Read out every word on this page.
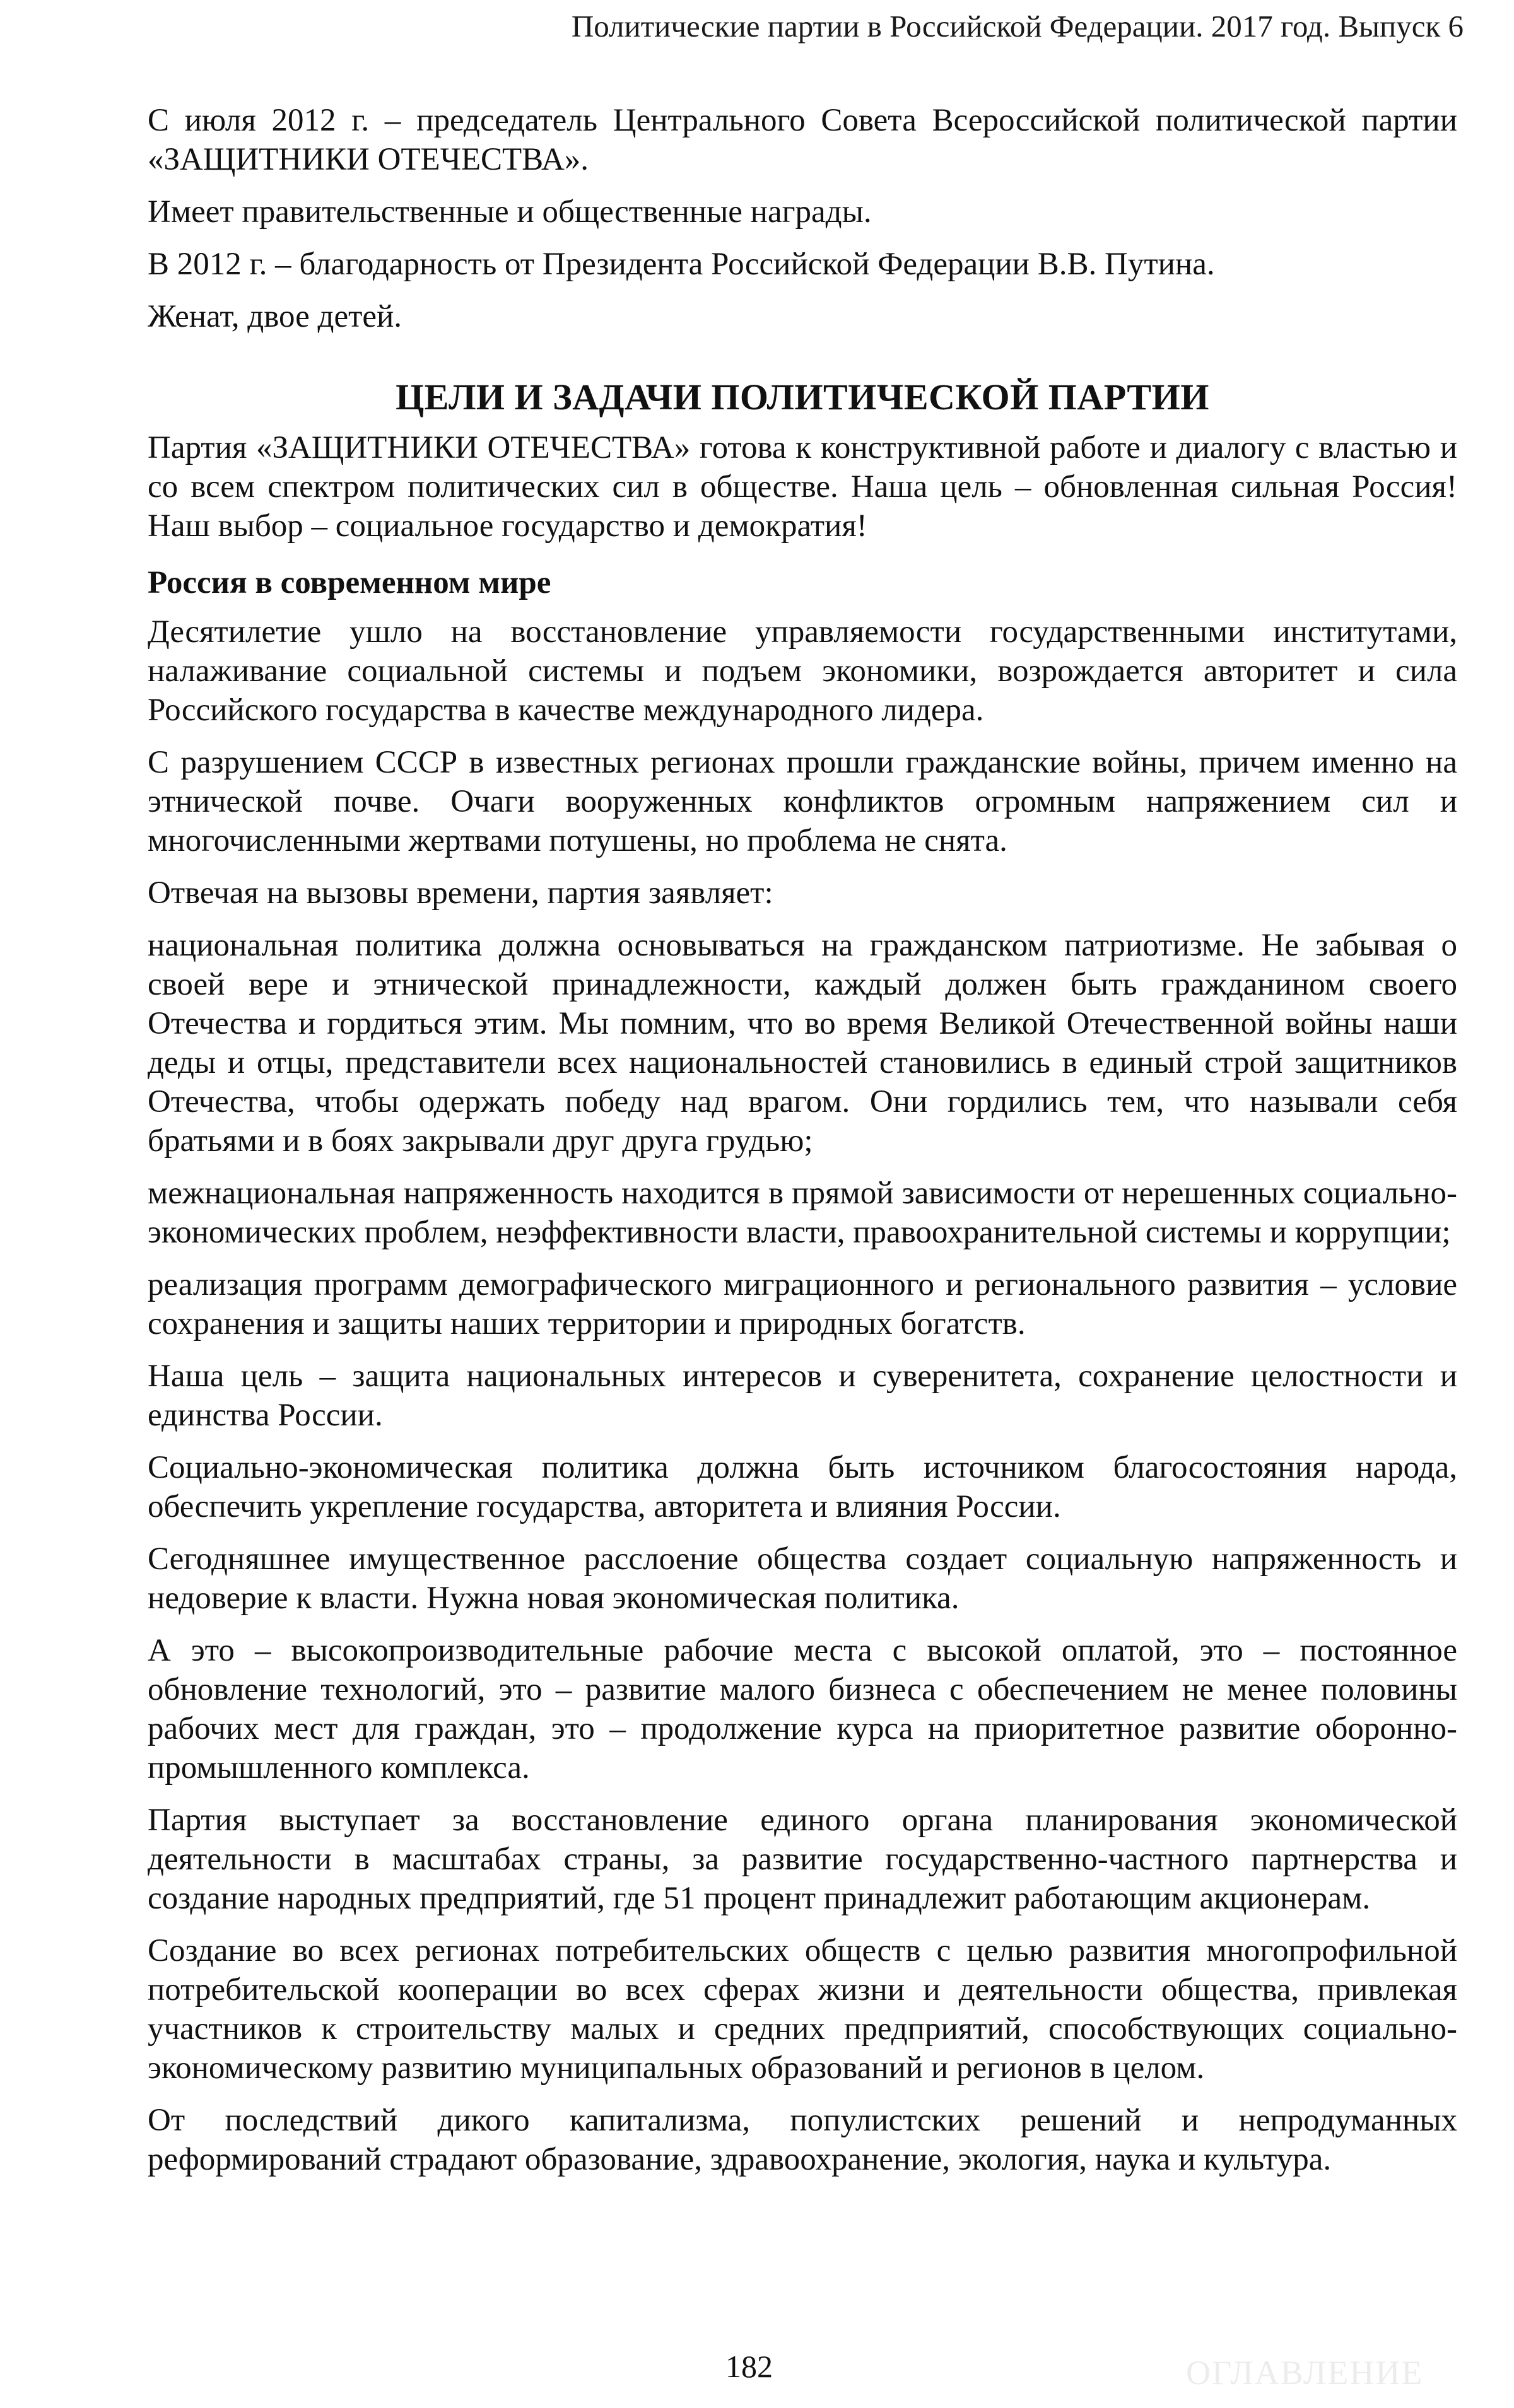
Политические партии в Российской Федерации. 2017 год. Выпуск 6

С июля 2012 г. – председатель Центрального Совета Всероссийской политической партии «ЗАЩИТНИКИ ОТЕЧЕСТВА».

Имеет правительственные и общественные награды.

В 2012 г. – благодарность от Президента Российской Федерации В.В. Путина.

Женат, двое детей.

ЦЕЛИ И ЗАДАЧИ ПОЛИТИЧЕСКОЙ ПАРТИИ

Партия «ЗАЩИТНИКИ ОТЕЧЕСТВА» готова к конструктивной работе и диалогу с властью и со всем спектром политических сил в обществе. Наша цель – обновленная сильная Россия! Наш выбор – социальное государство и демократия!

Россия в современном мире

Десятилетие ушло на восстановление управляемости государственными институтами, налаживание социальной системы и подъем экономики, возрождается авторитет и сила Российского государства в качестве международного лидера.

С разрушением СССР в известных регионах прошли гражданские войны, причем именно на этнической почве. Очаги вооруженных конфликтов огромным напряжением сил и многочисленными жертвами потушены, но проблема не снята.

Отвечая на вызовы времени, партия заявляет:

национальная политика должна основываться на гражданском патриотизме. Не забывая о своей вере и этнической принадлежности, каждый должен быть гражданином своего Отечества и гордиться этим. Мы помним, что во время Великой Отечественной войны наши деды и отцы, представители всех национальностей становились в единый строй защитников Отечества, чтобы одержать победу над врагом. Они гордились тем, что называли себя братьями и в боях закрывали друг друга грудью;

межнациональная напряженность находится в прямой зависимости от нерешенных социально-экономических проблем, неэффективности власти, правоохранительной системы и коррупции;

реализация программ демографического миграционного и регионального развития – условие сохранения и защиты наших территории и природных богатств.

Наша цель – защита национальных интересов и суверенитета, сохранение целостности и единства России.

Социально-экономическая политика должна быть источником благосостояния народа, обеспечить укрепление государства, авторитета и влияния России.

Сегодняшнее имущественное расслоение общества создает социальную напряженность и недоверие к власти. Нужна новая экономическая политика.

А это – высокопроизводительные рабочие места с высокой оплатой, это – постоянное обновление технологий, это – развитие малого бизнеса с обеспечением не менее половины рабочих мест для граждан, это – продолжение курса на приоритетное развитие оборонно-промышленного комплекса.

Партия выступает за восстановление единого органа планирования экономической деятельности в масштабах страны, за развитие государственно-частного партнерства и создание народных предприятий, где 51 процент принадлежит работающим акционерам.

Создание во всех регионах потребительских обществ с целью развития многопрофильной потребительской кооперации во всех сферах жизни и деятельности общества, привлекая участников к строительству малых и средних предприятий, способствующих социально-экономическому развитию муниципальных образований и регионов в целом.

От последствий дикого капитализма, популистских решений и непродуманных реформирований страдают образование, здравоохранение, экология, наука и культура.

182	ОГЛАВЛЕНИЕ
